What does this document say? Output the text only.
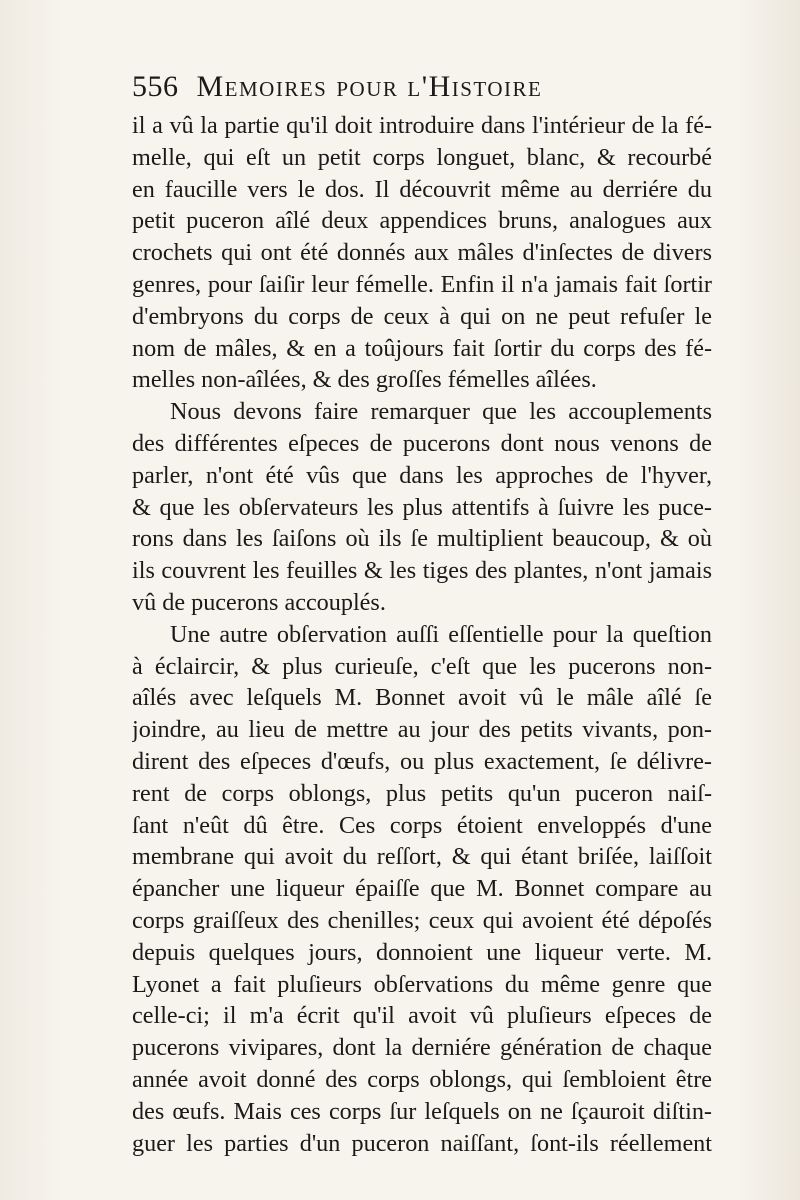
556 Memoires pour l'Histoire
il a vû la partie qu'il doit introduire dans l'intérieur de la fé-
melle, qui eſt un petit corps longuet, blanc, & recourbé
en faucille vers le dos. Il découvrit même au derriére du
petit puceron aîlé deux appendices bruns, analogues aux
crochets qui ont été donnés aux mâles d'inſectes de divers
genres, pour ſaiſir leur fémelle. Enfin il n'a jamais fait ſortir
d'embryons du corps de ceux à qui on ne peut refuſer le
nom de mâles, & en a toûjours fait ſortir du corps des fé-
melles non-aîlées, & des groſſes fémelles aîlées.
Nous devons faire remarquer que les accouplements
des différentes eſpeces de pucerons dont nous venons de
parler, n'ont été vûs que dans les approches de l'hyver,
& que les obſervateurs les plus attentifs à ſuivre les puce-
rons dans les ſaiſons où ils ſe multiplient beaucoup, & où
ils couvrent les feuilles & les tiges des plantes, n'ont jamais
vû de pucerons accouplés.
Une autre obſervation auſſi eſſentielle pour la queſtion
à éclaircir, & plus curieuſe, c'eſt que les pucerons non-
aîlés avec leſquels M. Bonnet avoit vû le mâle aîlé ſe
joindre, au lieu de mettre au jour des petits vivants, pon-
dirent des eſpeces d'œufs, ou plus exactement, ſe délivre-
rent de corps oblongs, plus petits qu'un puceron naiſ-
ſant n'eût dû être. Ces corps étoient enveloppés d'une
membrane qui avoit du reſſort, & qui étant briſée, laiſſoit
épancher une liqueur épaiſſe que M. Bonnet compare au
corps graiſſeux des chenilles; ceux qui avoient été dépoſés
depuis quelques jours, donnoient une liqueur verte. M.
Lyonet a fait pluſieurs obſervations du même genre que
celle-ci; il m'a écrit qu'il avoit vû pluſieurs eſpeces de
pucerons vivipares, dont la derniére génération de chaque
année avoit donné des corps oblongs, qui ſembloient être
des œufs. Mais ces corps ſur leſquels on ne ſçauroit diſtin-
guer les parties d'un puceron naiſſant, ſont-ils réellement
